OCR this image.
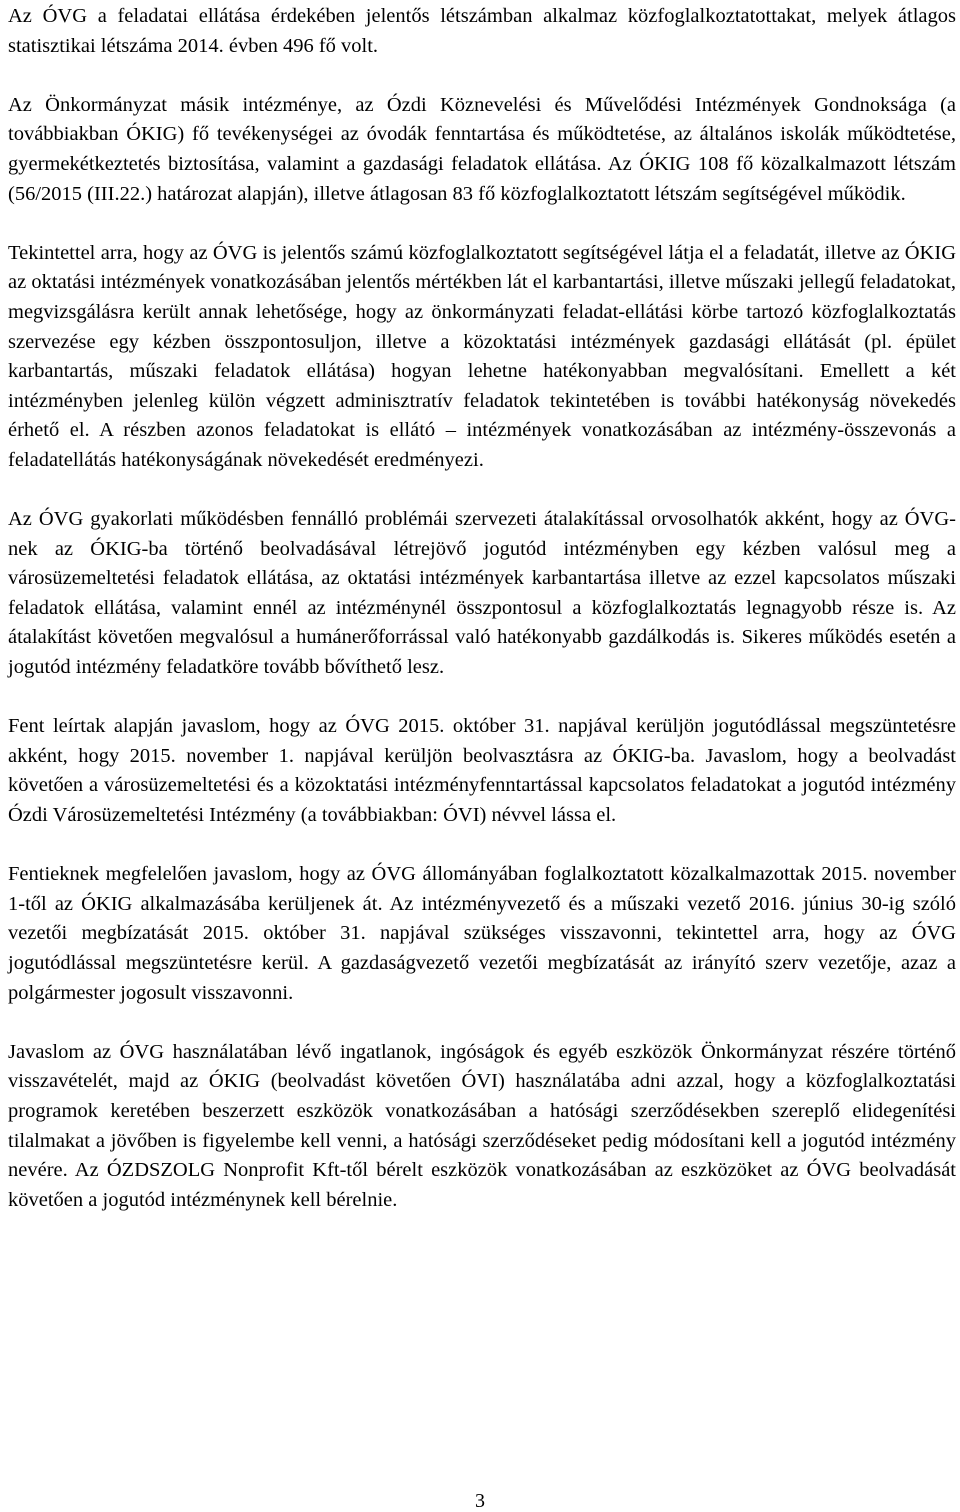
Az ÓVG a feladatai ellátása érdekében jelentős létszámban alkalmaz közfoglalkoztatottakat, melyek átlagos statisztikai létszáma 2014. évben 496 fő volt.

Az Önkormányzat másik intézménye, az Ózdi Köznevelési és Művelődési Intézmények Gondnoksága (a továbbiakban ÓKIG) fő tevékenységei az óvodák fenntartása és működtetése, az általános iskolák működtetése, gyermekétkeztetés biztosítása, valamint a gazdasági feladatok ellátása. Az ÓKIG 108 fő közalkalmazott létszám (56/2015 (III.22.) határozat alapján), illetve átlagosan 83 fő közfoglalkoztatott létszám segítségével működik.

Tekintettel arra, hogy az ÓVG is jelentős számú közfoglalkoztatott segítségével látja el a feladatát, illetve az ÓKIG az oktatási intézmények vonatkozásában jelentős mértékben lát el karbantartási, illetve műszaki jellegű feladatokat, megvizsgálásra került annak lehetősége, hogy az önkormányzati feladat-ellátási körbe tartozó közfoglalkoztatás szervezése egy kézben összpontosuljon, illetve a közoktatási intézmények gazdasági ellátását (pl. épület karbantartás, műszaki feladatok ellátása) hogyan lehetne hatékonyabban megvalósítani. Emellett a két intézményben jelenleg külön végzett adminisztratív feladatok tekintetében is további hatékonyság növekedés érhető el. A részben azonos feladatokat is ellátó – intézmények vonatkozásában az intézmény-összevonás a feladatellátás hatékonyságának növekedését eredményezi.

Az ÓVG gyakorlati működésben fennálló problémái szervezeti átalakítással orvosolhatók akként, hogy az ÓVG-nek az ÓKIG-ba történő beolvadásával létrejövő jogutód intézményben egy kézben valósul meg a városüzemeltetési feladatok ellátása, az oktatási intézmények karbantartása illetve az ezzel kapcsolatos műszaki feladatok ellátása, valamint ennél az intézménynél összpontosul a közfoglalkoztatás legnagyobb része is. Az átalakítást követően megvalósul a humánerőforrással való hatékonyabb gazdálkodás is. Sikeres működés esetén a jogutód intézmény feladatköre tovább bővíthető lesz.

Fent leírtak alapján javaslom, hogy az ÓVG 2015. október 31. napjával kerüljön jogutódlással megszüntetésre akként, hogy 2015. november 1. napjával kerüljön beolvasztásra az ÓKIG-ba. Javaslom, hogy a beolvadást követően a városüzemeltetési és a közoktatási intézményfenntartással kapcsolatos feladatokat a jogutód intézmény Ózdi Városüzemeltetési Intézmény (a továbbiakban: ÓVI) névvel lássa el.

Fentieknek megfelelően javaslom, hogy az ÓVG állományában foglalkoztatott közalkalmazottak 2015. november 1-től az ÓKIG alkalmazásába kerüljenek át. Az intézményvezető és a műszaki vezető 2016. június 30-ig szóló vezetői megbízatását 2015. október 31. napjával szükséges visszavonni, tekintettel arra, hogy az ÓVG jogutódlással megszüntetésre kerül. A gazdaságvezető vezetői megbízatását az irányító szerv vezetője, azaz a polgármester jogosult visszavonni.

Javaslom az ÓVG használatában lévő ingatlanok, ingóságok és egyéb eszközök Önkormányzat részére történő visszavételét, majd az ÓKIG (beolvadást követően ÓVI) használatába adni azzal, hogy a közfoglalkoztatási programok keretében beszerzett eszközök vonatkozásában a hatósági szerződésekben szereplő elidegenítési tilalmakat a jövőben is figyelembe kell venni, a hatósági szerződéseket pedig módosítani kell a jogutód intézmény nevére. Az ÓZDSZOLG Nonprofit Kft-től bérelt eszközök vonatkozásában az eszközöket az ÓVG beolvadását követően a jogutód intézménynek kell bérelnie.

3
